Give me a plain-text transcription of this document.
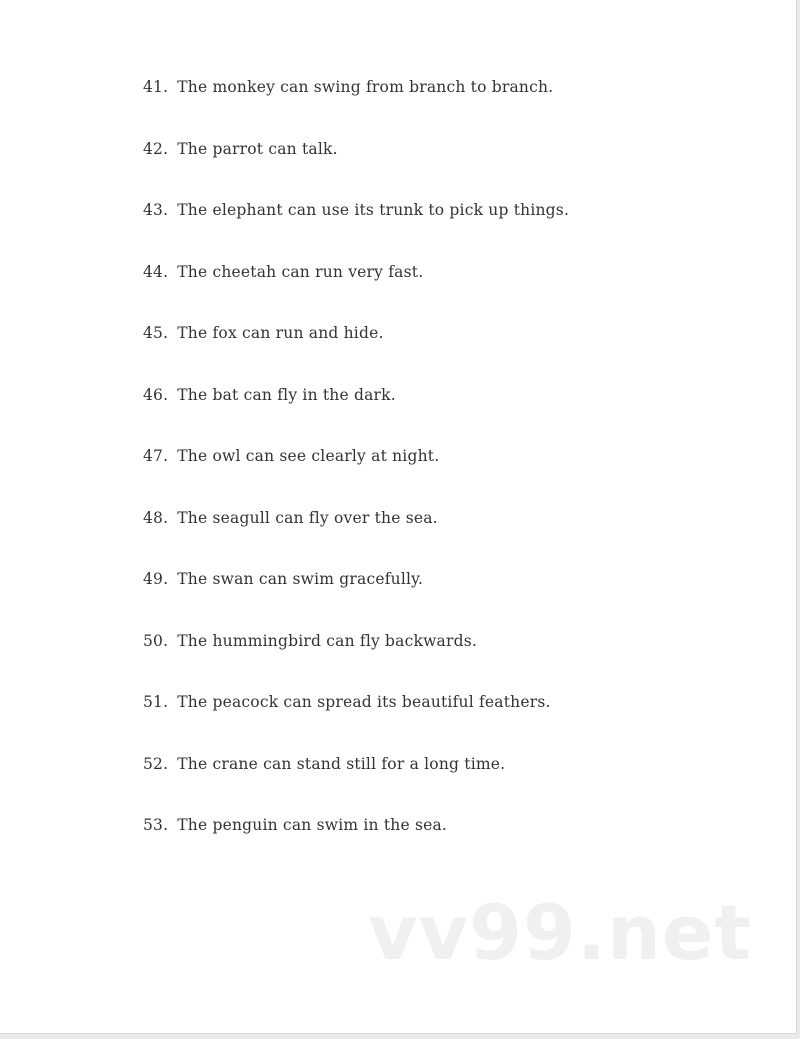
41. The monkey can swing from branch to branch.
42. The parrot can talk.
43. The elephant can use its trunk to pick up things.
44. The cheetah can run very fast.
45. The fox can run and hide.
46. The bat can fly in the dark.
47. The owl can see clearly at night.
48. The seagull can fly over the sea.
49. The swan can swim gracefully.
50. The hummingbird can fly backwards.
51. The peacock can spread its beautiful feathers.
52. The crane can stand still for a long time.
53. The penguin can swim in the sea.
vv99.net
